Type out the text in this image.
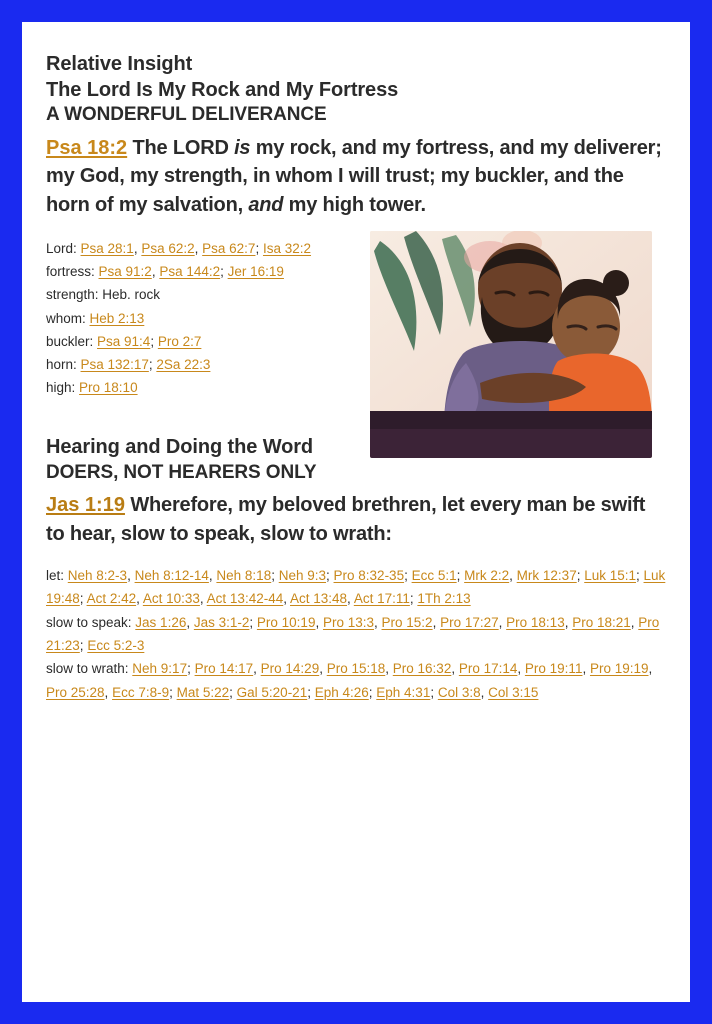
Relative Insight
The Lord Is My Rock and My Fortress
A WONDERFUL DELIVERANCE
Psa 18:2 The LORD is my rock, and my fortress, and my deliverer; my God, my strength, in whom I will trust; my buckler, and the horn of my salvation, and my high tower.
Lord: Psa 28:1, Psa 62:2, Psa 62:7; Isa 32:2
fortress: Psa 91:2, Psa 144:2; Jer 16:19
strength: Heb. rock
whom: Heb 2:13
buckler: Psa 91:4; Pro 2:7
horn: Psa 132:17; 2Sa 22:3
high: Pro 18:10
Hearing and Doing the Word
DOERS, NOT HEARERS ONLY
Jas 1:19 Wherefore, my beloved brethren, let every man be swift to hear, slow to speak, slow to wrath:
let: Neh 8:2-3, Neh 8:12-14, Neh 8:18; Neh 9:3; Pro 8:32-35; Ecc 5:1; Mrk 2:2, Mrk 12:37; Luk 15:1; Luk 19:48; Act 2:42, Act 10:33, Act 13:42-44, Act 13:48, Act 17:11; 1Th 2:13
slow to speak: Jas 1:26, Jas 3:1-2; Pro 10:19, Pro 13:3, Pro 15:2, Pro 17:27, Pro 18:13, Pro 18:21, Pro 21:23; Ecc 5:2-3
slow to wrath: Neh 9:17; Pro 14:17, Pro 14:29, Pro 15:18, Pro 16:32, Pro 17:14, Pro 19:11, Pro 19:19, Pro 25:28, Ecc 7:8-9; Mat 5:22; Gal 5:20-21; Eph 4:26; Eph 4:31; Col 3:8, Col 3:15
